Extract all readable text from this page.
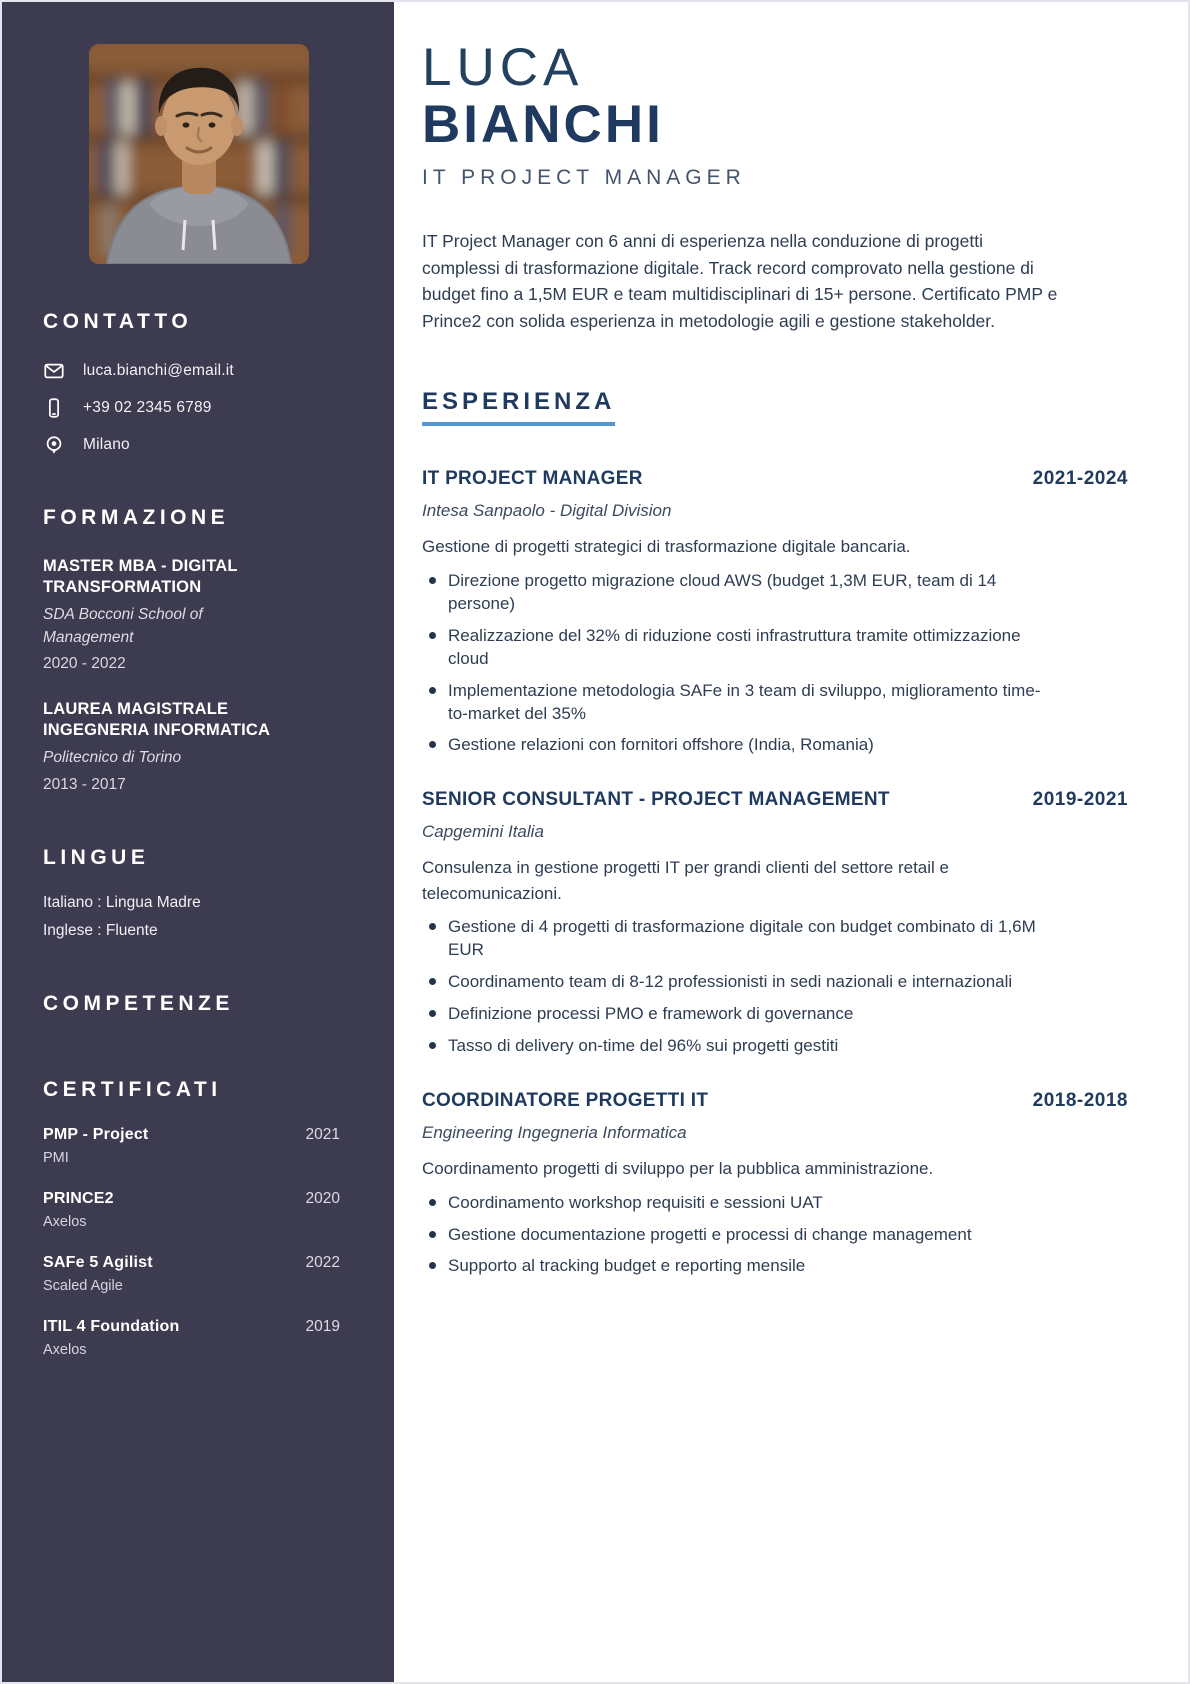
CONTATTO
luca.bianchi@email.it
+39 02 2345 6789
Milano
FORMAZIONE
MASTER MBA - DIGITAL TRANSFORMATION
SDA Bocconi School of Management
2020 - 2022
LAUREA MAGISTRALE INGEGNERIA INFORMATICA
Politecnico di Torino
2013 - 2017
LINGUE
Italiano : Lingua Madre
Inglese : Fluente
COMPETENZE
CERTIFICATI
PMP - Project	2021
PMI
PRINCE2	2020
Axelos
SAFe 5 Agilist	2022
Scaled Agile
ITIL 4 Foundation	2019
Axelos
LUCA
BIANCHI
IT PROJECT MANAGER

IT Project Manager con 6 anni di esperienza nella conduzione di progetti complessi di trasformazione digitale. Track record comprovato nella gestione di budget fino a 1,5M EUR e team multidisciplinari di 15+ persone. Certificato PMP e Prince2 con solida esperienza in metodologie agili e gestione stakeholder.

ESPERIENZA
IT PROJECT MANAGER	2021-2024
Intesa Sanpaolo - Digital Division
Gestione di progetti strategici di trasformazione digitale bancaria.
Direzione progetto migrazione cloud AWS (budget 1,3M EUR, team di 14 persone)
Realizzazione del 32% di riduzione costi infrastruttura tramite ottimizzazione cloud
Implementazione metodologia SAFe in 3 team di sviluppo, miglioramento time-to-market del 35%
Gestione relazioni con fornitori offshore (India, Romania)
SENIOR CONSULTANT - PROJECT MANAGEMENT	2019-2021
Capgemini Italia
Consulenza in gestione progetti IT per grandi clienti del settore retail e telecomunicazioni.
Gestione di 4 progetti di trasformazione digitale con budget combinato di 1,6M EUR
Coordinamento team di 8-12 professionisti in sedi nazionali e internazionali
Definizione processi PMO e framework di governance
Tasso di delivery on-time del 96% sui progetti gestiti
COORDINATORE PROGETTI IT	2018-2018
Engineering Ingegneria Informatica
Coordinamento progetti di sviluppo per la pubblica amministrazione.
Coordinamento workshop requisiti e sessioni UAT
Gestione documentazione progetti e processi di change management
Supporto al tracking budget e reporting mensile
